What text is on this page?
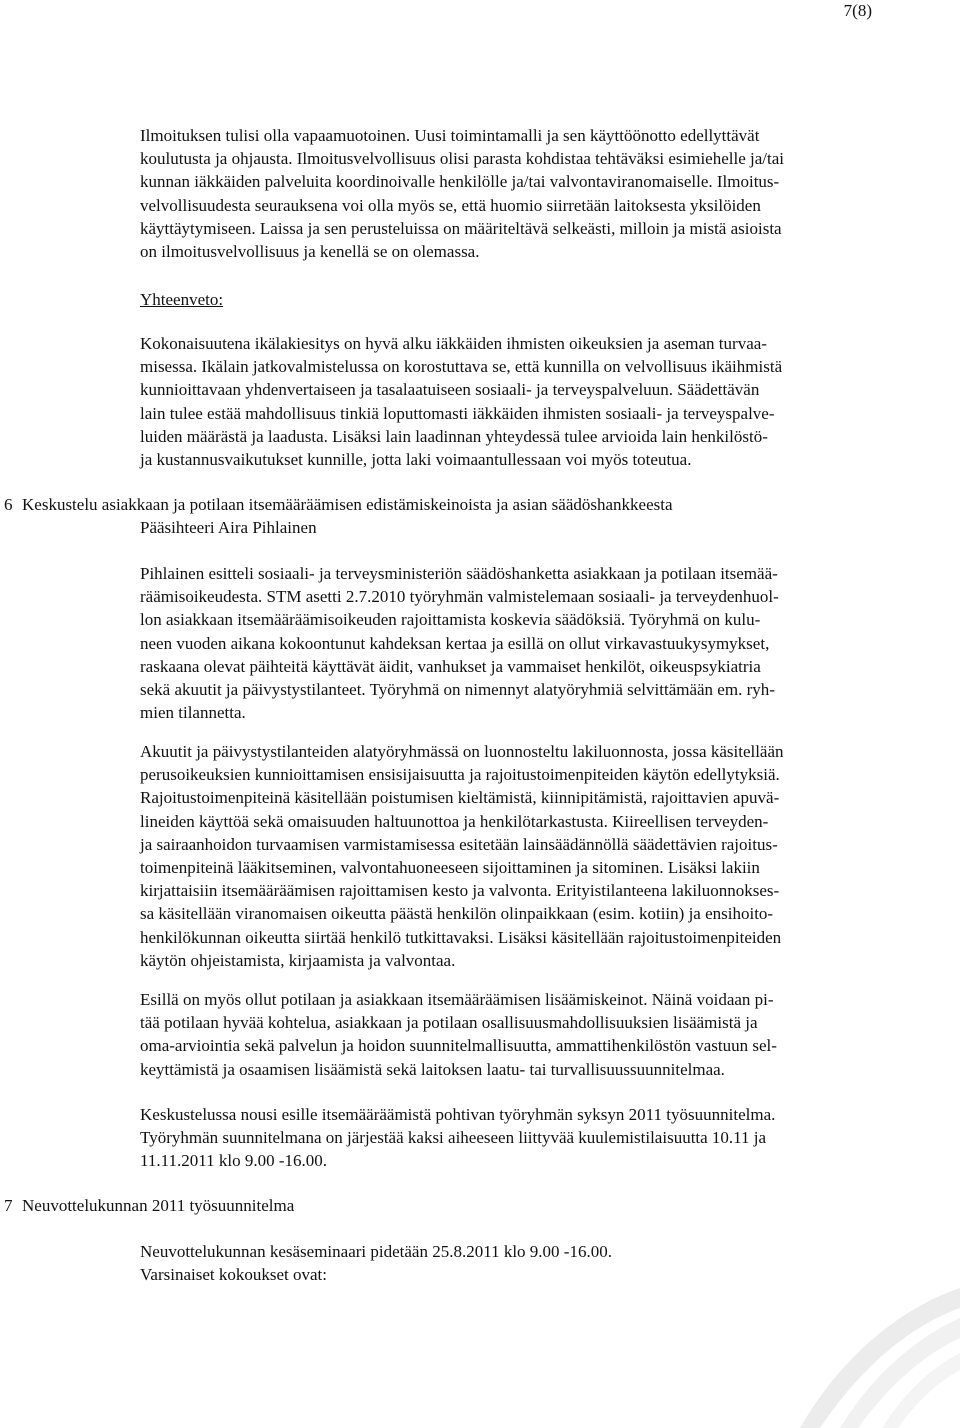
7(8)
Ilmoituksen tulisi olla vapaamuotoinen. Uusi toimintamalli ja sen käyttöönotto edellyttävät
koulutusta ja ohjausta. Ilmoitusvelvollisuus olisi parasta kohdistaa tehtäväksi esimiehelle ja/tai
kunnan iäkkäiden palveluita koordinoivalle henkilölle ja/tai valvontaviranomaiselle. Ilmoitus-
velvollisuudesta seurauksena voi olla myös se, että huomio siirretään laitoksesta yksilöiden
käyttäytymiseen. Laissa ja sen perusteluissa on määriteltävä selkeästi, milloin ja mistä asioista
on ilmoitusvelvollisuus ja kenellä se on olemassa.
Yhteenveto:
Kokonaisuutena ikälakiesitys on hyvä alku iäkkäiden ihmisten oikeuksien ja aseman turvaa-
misessa. Ikälain jatkovalmistelussa on korostuttava se, että kunnilla on velvollisuus ikäihmistä
kunnioittavaan yhdenvertaiseen ja tasalaatuiseen sosiaali- ja terveyspalveluun. Säädettävän
lain tulee estää mahdollisuus tinkiä loputtomasti iäkkäiden ihmisten sosiaali- ja terveyspalve-
luiden määrästä ja laadusta. Lisäksi lain laadinnan yhteydessä tulee arvioida lain henkilöstö-
ja kustannusvaikutukset kunnille, jotta laki voimaantullessaan voi myös toteutua.
6 Keskustelu asiakkaan ja potilaan itsemääräämisen edistämiskeinoista ja asian säädöshankkeesta
Pääsihteeri Aira Pihlainen
Pihlainen esitteli sosiaali- ja terveysministeriön säädöshanketta asiakkaan ja potilaan itsemää-
räämisoikeudesta. STM asetti 2.7.2010 työryhmän valmistelemaan sosiaali- ja terveydenhuol-
lon asiakkaan itsemääräämisoikeuden rajoittamista koskevia säädöksiä. Työryhmä on kulu-
neen vuoden aikana kokoontunut kahdeksan kertaa ja esillä on ollut virkavastuukysymykset,
raskaana olevat päihteitä käyttävät äidit, vanhukset ja vammaiset henkilöt, oikeuspsykiatria
sekä akuutit ja päivystystilanteet. Työryhmä on nimennyt alatyöryhmiä selvittämään em. ryh-
mien tilannetta.
Akuutit ja päivystystilanteiden alatyöryhmässä on luonnosteltu lakiluonnosta, jossa käsitellään
perusoikeuksien kunnioittamisen ensisijaisuutta ja rajoitustoimenpiteiden käytön edellytyksiä.
Rajoitustoimenpiteinä käsitellään poistumisen kieltämistä, kiinnipitämistä, rajoittavien apuvä-
lineiden käyttöä sekä omaisuuden haltuunottoa ja henkilötarkastusta. Kiireellisen terveyden-
ja sairaanhoidon turvaamisen varmistamisessa esitetään lainsäädännöllä säädettävien rajoitus-
toimenpiteinä lääkitseminen, valvontahuoneeseen sijoittaminen ja sitominen. Lisäksi lakiin
kirjattaisiin itsemääräämisen rajoittamisen kesto ja valvonta. Erityistilanteena lakiluonnokses-
sa käsitellään viranomaisen oikeutta päästä henkilön olinpaikkaan (esim. kotiin) ja ensihoito-
henkilökunnan oikeutta siirtää henkilö tutkittavaksi. Lisäksi käsitellään rajoitustoimenpiteiden
käytön ohjeistamista, kirjaamista ja valvontaa.
Esillä on myös ollut potilaan ja asiakkaan itsemääräämisen lisäämiskeinot. Näinä voidaan pi-
tää potilaan hyvää kohtelua, asiakkaan ja potilaan osallisuusmahdollisuuksien lisäämistä ja
oma-arviointia sekä palvelun ja hoidon suunnitelmallisuutta, ammattihenkilöstön vastuun sel-
keyttämistä ja osaamisen lisäämistä sekä laitoksen laatu- tai turvallisuussuunnitelmaa.
Keskustelussa nousi esille itsemääräämistä pohtivan työryhmän syksyn 2011 työsuunnitelma.
Työryhmän suunnitelmana on järjestää kaksi aiheeseen liittyvää kuulemistilaisuutta 10.11 ja
11.11.2011 klo 9.00 -16.00.
7 Neuvottelukunnan 2011 työsuunnitelma
Neuvottelukunnan kesäseminaari pidetään 25.8.2011 klo 9.00 -16.00.
Varsinaiset kokoukset ovat:
